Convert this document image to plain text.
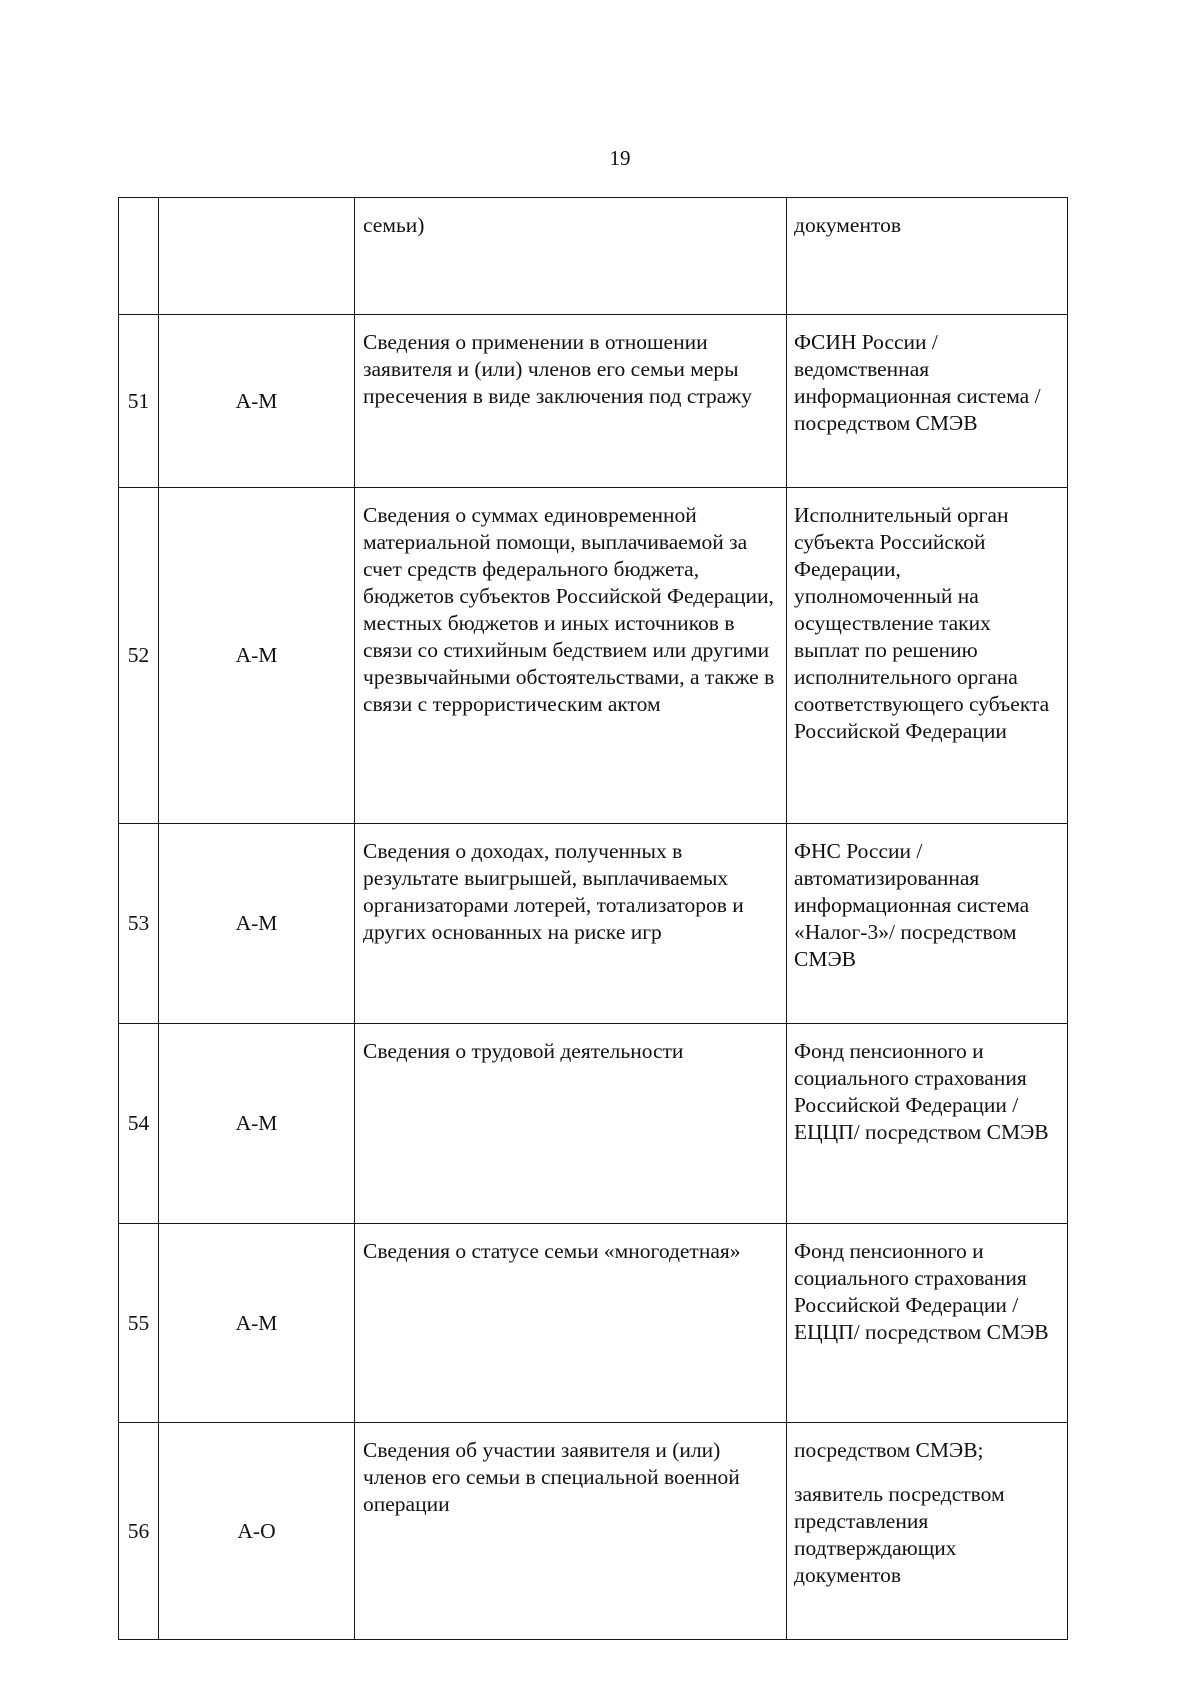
19
		семьи)	документов
51	А-М	Сведения о применении в отношении заявителя и (или) членов его семьи меры пресечения в виде заключения под стражу	ФСИН России /ведомственная информационная система / посредством СМЭВ

52	А-М	Сведения о суммах единовременной материальной помощи, выплачиваемой за счет средств федерального бюджета, бюджетов субъектов Российской Федерации, местных бюджетов и иных источников в связи со стихийным бедствием или другими чрезвычайными обстоятельствами, а также в связи с террористическим актом	Исполнительный орган субъекта Российской Федерации, уполномоченный на осуществление таких выплат по решению исполнительного органа соответствующего субъекта Российской Федерации

53	А-М	Сведения о доходах, полученных в результате выигрышей, выплачиваемых организаторами лотерей, тотализаторов и других основанных на риске игр	ФНС России / автоматизированная информационная система «Налог-3»/ посредством СМЭВ

54	А-М	Сведения о трудовой деятельности	Фонд пенсионного и социального страхования Российской Федерации /ЕЦЦП/ посредством СМЭВ

55	А-М	Сведения о статусе семьи «многодетная»	Фонд пенсионного и социального страхования Российской Федерации /ЕЦЦП/ посредством СМЭВ

56	А-О	Сведения об участии заявителя и (или) членов его семьи в специальной военной операции	посредством СМЭВ;
заявитель посредством представления подтверждающих документов
